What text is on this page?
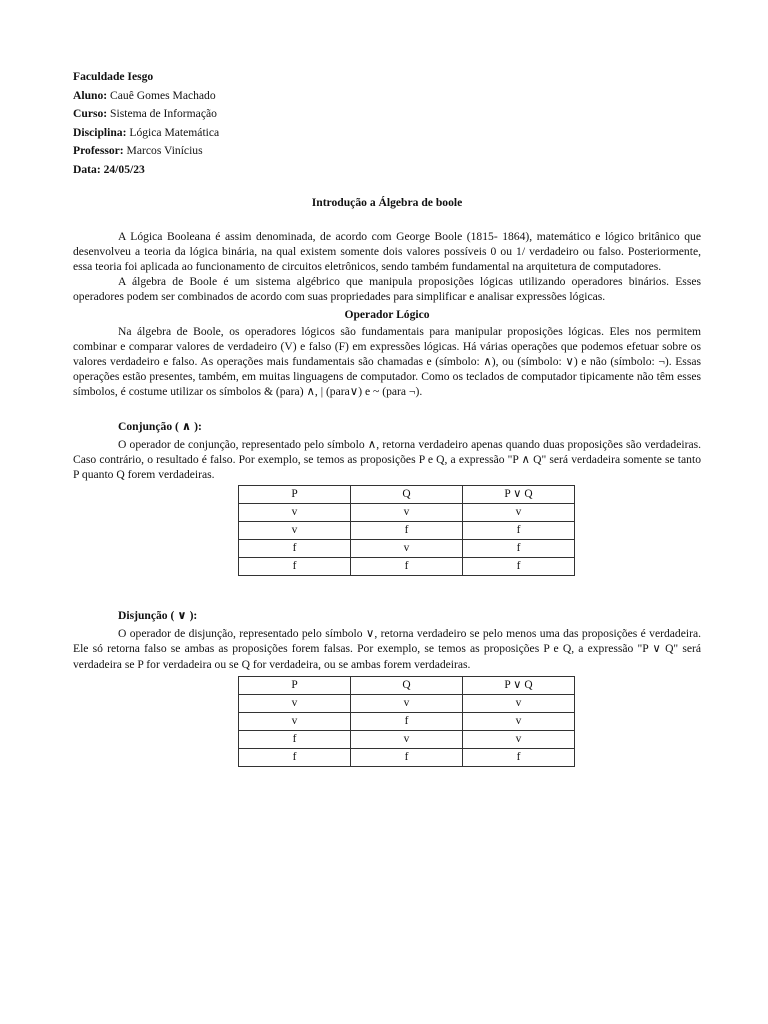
Faculdade Iesgo
Aluno: Cauê Gomes Machado
Curso: Sistema de Informação
Disciplina: Lógica Matemática
Professor: Marcos Vinícius
Data: 24/05/23
Introdução a Álgebra de boole

A Lógica Booleana é assim denominada, de acordo com George Boole (1815- 1864), matemático e lógico britânico que desenvolveu a teoria da lógica binária, na qual existem somente dois valores possíveis 0 ou 1/ verdadeiro ou falso. Posteriormente, essa teoria foi aplicada ao funcionamento de circuitos eletrônicos, sendo também fundamental na arquitetura de computadores.

A álgebra de Boole é um sistema algébrico que manipula proposições lógicas utilizando operadores binários. Esses operadores podem ser combinados de acordo com suas propriedades para simplificar e analisar expressões lógicas.

Operador Lógico

Na álgebra de Boole, os operadores lógicos são fundamentais para manipular proposições lógicas. Eles nos permitem combinar e comparar valores de verdadeiro (V) e falso (F) em expressões lógicas. Há várias operações que podemos efetuar sobre os valores verdadeiro e falso. As operações mais fundamentais são chamadas e (símbolo: ∧), ou (símbolo: ∨) e não (símbolo: ¬). Essas operações estão presentes, também, em muitas linguagens de computador. Como os teclados de computador tipicamente não têm esses símbolos, é costume utilizar os símbolos & (para) ∧, | (para∨) e ~ (para ¬).

Conjunção ( ∧ ):

O operador de conjunção, representado pelo símbolo ∧, retorna verdadeiro apenas quando duas proposições são verdadeiras. Caso contrário, o resultado é falso. Por exemplo, se temos as proposições P e Q, a expressão "P ∧ Q" será verdadeira somente se tanto P quanto Q forem verdadeiras.

P	Q	P ∨ Q
v	v	v
v	f	f
f	v	f
f	f	f
Disjunção ( ∨ ):

O operador de disjunção, representado pelo símbolo ∨, retorna verdadeiro se pelo menos uma das proposições é verdadeira. Ele só retorna falso se ambas as proposições forem falsas. Por exemplo, se temos as proposições P e Q, a expressão "P ∨ Q" será verdadeira se P for verdadeira ou se Q for verdadeira, ou se ambas forem verdadeiras.

P	Q	P ∨ Q
v	v	v
v	f	v
f	v	v
f	f	f
